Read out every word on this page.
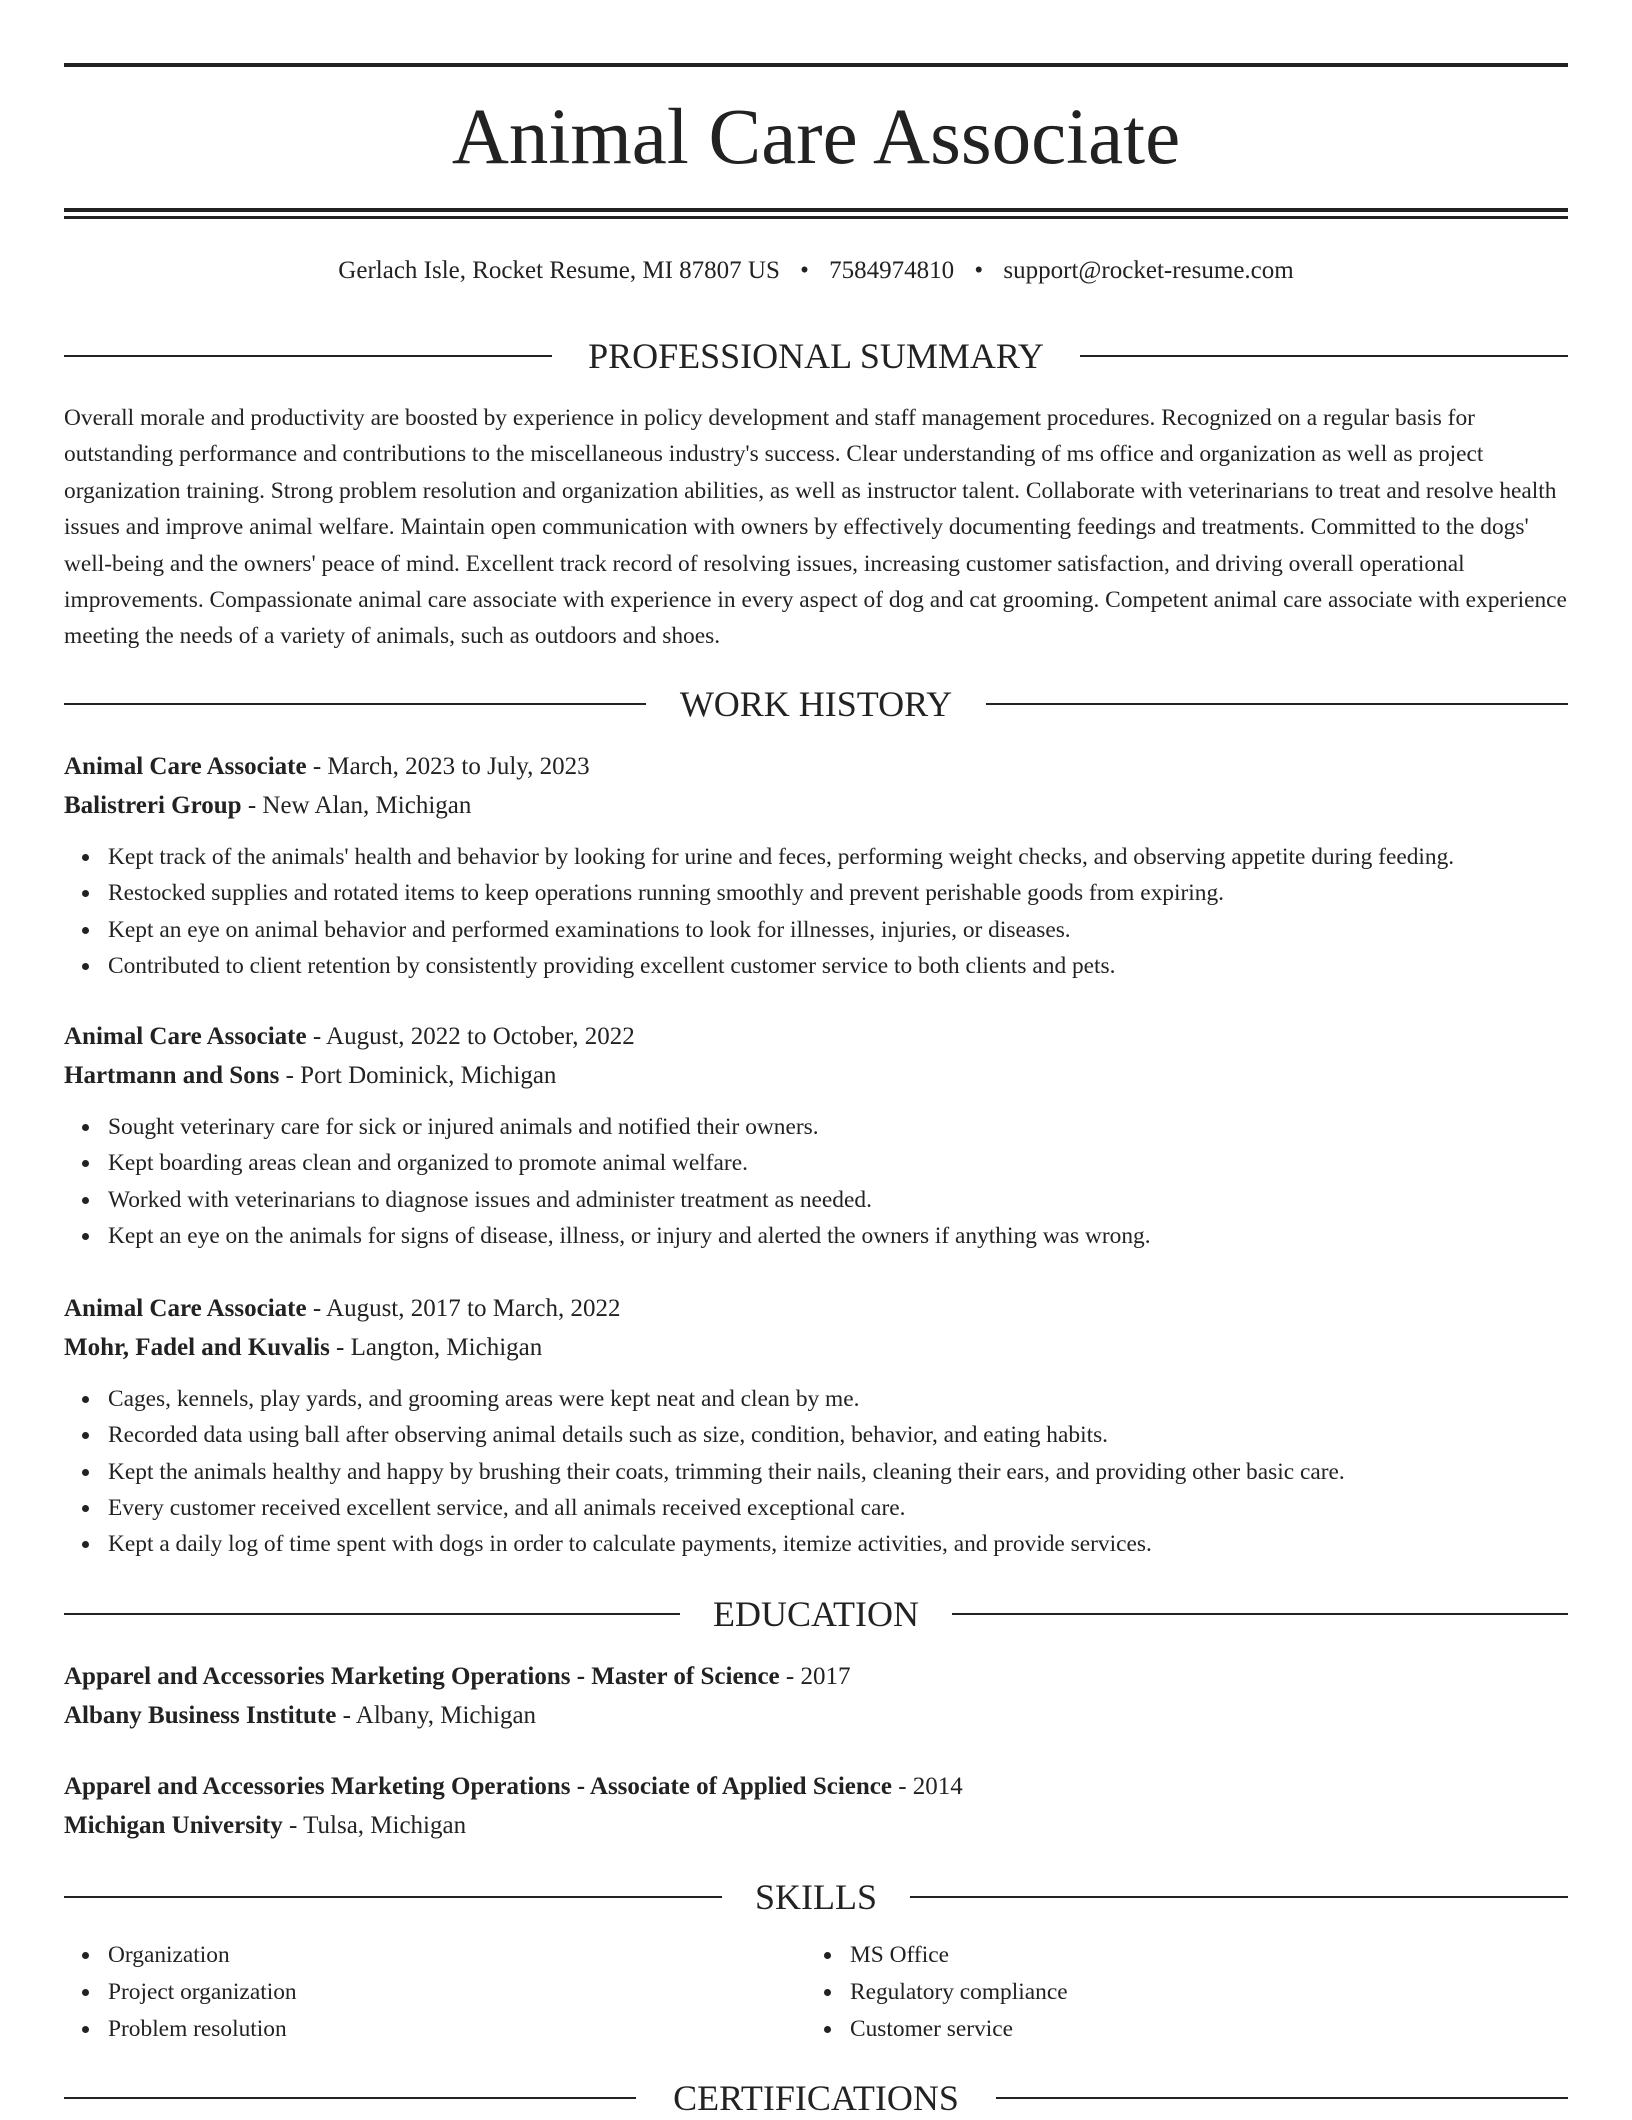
Animal Care Associate
Gerlach Isle, Rocket Resume, MI 87807 US • 7584974810 • support@rocket-resume.com
PROFESSIONAL SUMMARY

Overall morale and productivity are boosted by experience in policy development and staff management procedures. Recognized on a regular basis for outstanding performance and contributions to the miscellaneous industry's success. Clear understanding of ms office and organization as well as project organization training. Strong problem resolution and organization abilities, as well as instructor talent. Collaborate with veterinarians to treat and resolve health issues and improve animal welfare. Maintain open communication with owners by effectively documenting feedings and treatments. Committed to the dogs' well-being and the owners' peace of mind. Excellent track record of resolving issues, increasing customer satisfaction, and driving overall operational improvements. Compassionate animal care associate with experience in every aspect of dog and cat grooming. Competent animal care associate with experience meeting the needs of a variety of animals, such as outdoors and shoes.

WORK HISTORY

Animal Care Associate - March, 2023 to July, 2023

Balistreri Group - New Alan, Michigan

Kept track of the animals' health and behavior by looking for urine and feces, performing weight checks, and observing appetite during feeding.
Restocked supplies and rotated items to keep operations running smoothly and prevent perishable goods from expiring.
Kept an eye on animal behavior and performed examinations to look for illnesses, injuries, or diseases.
Contributed to client retention by consistently providing excellent customer service to both clients and pets.

Animal Care Associate - August, 2022 to October, 2022

Hartmann and Sons - Port Dominick, Michigan

Sought veterinary care for sick or injured animals and notified their owners.
Kept boarding areas clean and organized to promote animal welfare.
Worked with veterinarians to diagnose issues and administer treatment as needed.
Kept an eye on the animals for signs of disease, illness, or injury and alerted the owners if anything was wrong.

Animal Care Associate - August, 2017 to March, 2022

Mohr, Fadel and Kuvalis - Langton, Michigan

Cages, kennels, play yards, and grooming areas were kept neat and clean by me.
Recorded data using ball after observing animal details such as size, condition, behavior, and eating habits.
Kept the animals healthy and happy by brushing their coats, trimming their nails, cleaning their ears, and providing other basic care.
Every customer received excellent service, and all animals received exceptional care.
Kept a daily log of time spent with dogs in order to calculate payments, itemize activities, and provide services.
EDUCATION

Apparel and Accessories Marketing Operations - Master of Science - 2017

Albany Business Institute - Albany, Michigan

Apparel and Accessories Marketing Operations - Associate of Applied Science - 2014

Michigan University - Tulsa, Michigan

SKILLS
Organization
Project organization
Problem resolution
MS Office
Regulatory compliance
Customer service
CERTIFICATIONS
